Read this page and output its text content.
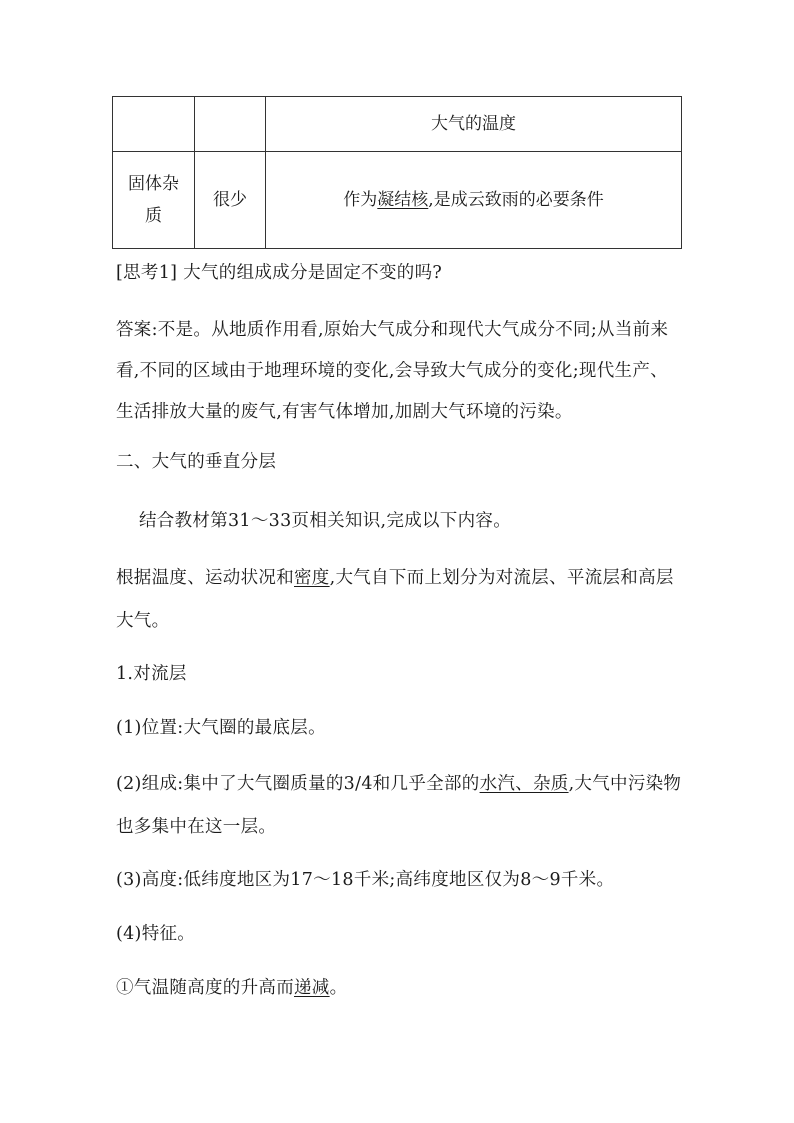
		大气的温度
固体杂
质	很少	作为凝结核,是成云致雨的必要条件

[思考1] 大气的组成成分是固定不变的吗?

答案:不是。从地质作用看,原始大气成分和现代大气成分不同;从当前来看,不同的区域由于地理环境的变化,会导致大气成分的变化;现代生产、生活排放大量的废气,有害气体增加,加剧大气环境的污染。

二、大气的垂直分层

结合教材第31～33页相关知识,完成以下内容。

根据温度、运动状况和密度,大气自下而上划分为对流层、平流层和高层大气。

1.对流层

(1)位置:大气圈的最底层。

(2)组成:集中了大气圈质量的3/4和几乎全部的水汽、杂质,大气中污染物也多集中在这一层。

(3)高度:低纬度地区为17～18千米;高纬度地区仅为8～9千米。

(4)特征。

①气温随高度的升高而递减。
